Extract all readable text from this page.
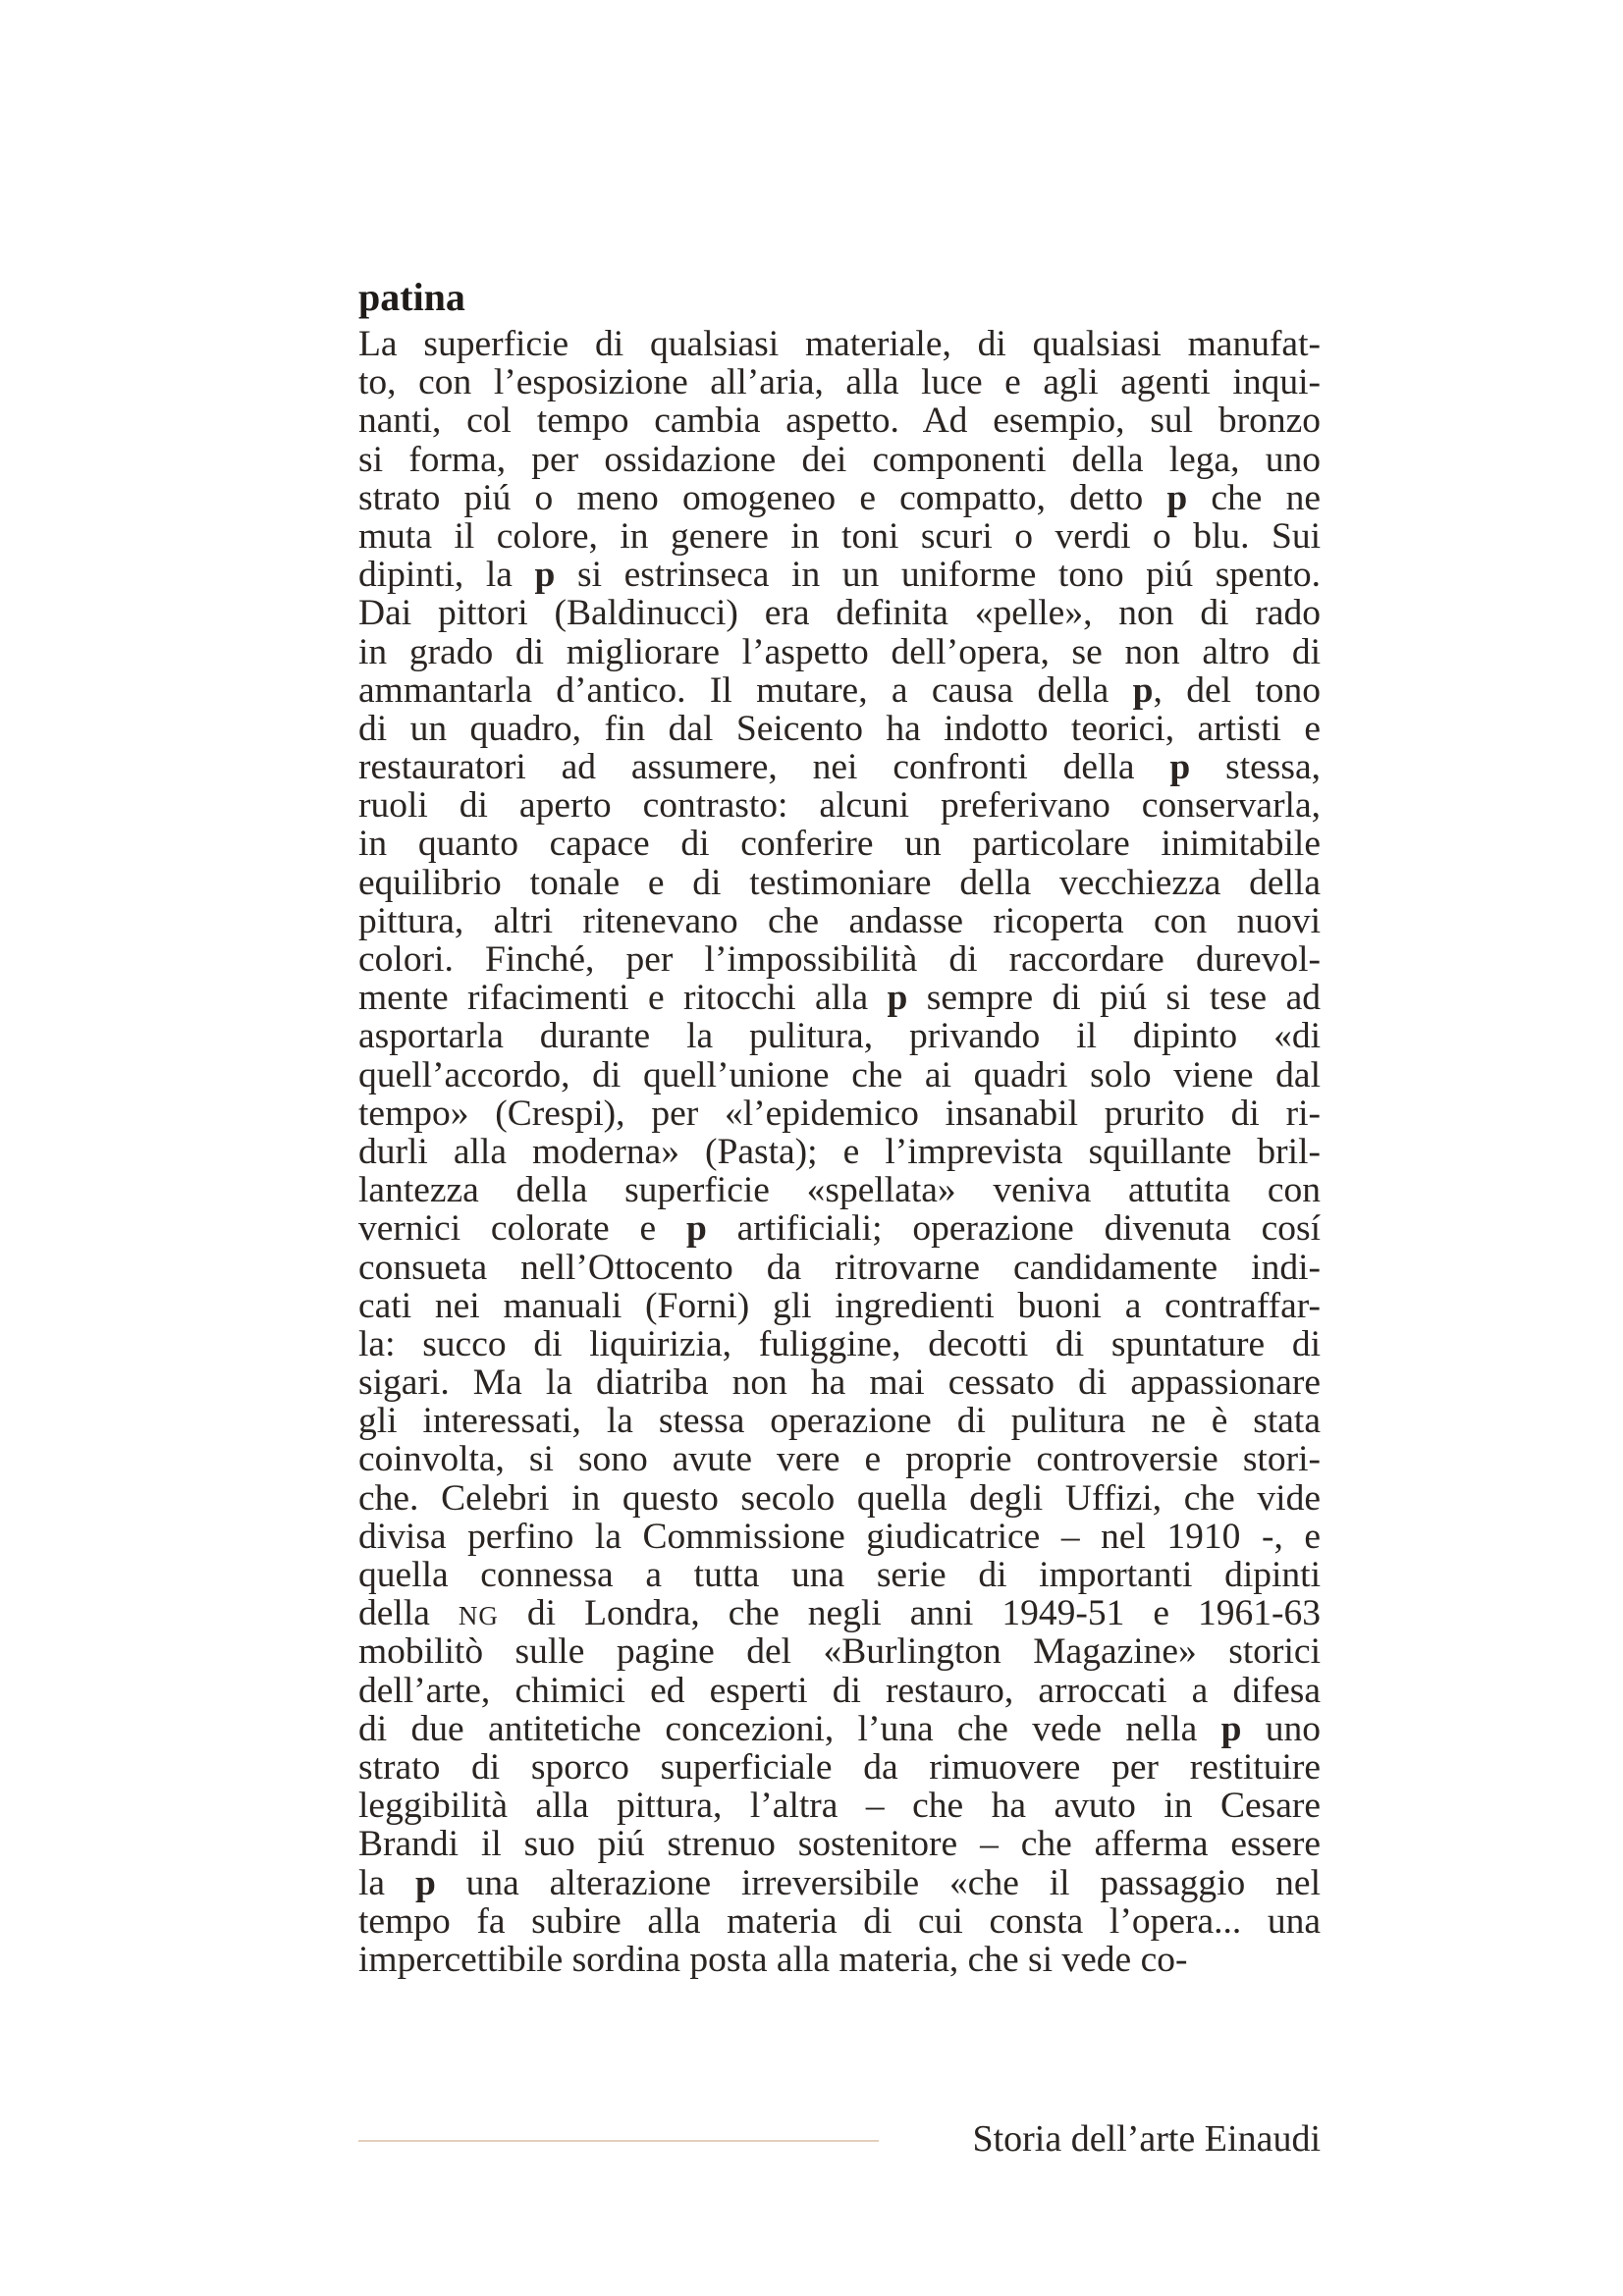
patina
La superficie di qualsiasi materiale, di qualsiasi manufat-
to, con l’esposizione all’aria, alla luce e agli agenti inqui-
nanti, col tempo cambia aspetto. Ad esempio, sul bronzo
si forma, per ossidazione dei componenti della lega, uno
strato piú o meno omogeneo e compatto, detto p che ne
muta il colore, in genere in toni scuri o verdi o blu. Sui
dipinti, la p si estrinseca in un uniforme tono piú spento.
Dai pittori (Baldinucci) era definita «pelle», non di rado
in grado di migliorare l’aspetto dell’opera, se non altro di
ammantarla d’antico. Il mutare, a causa della p, del tono
di un quadro, fin dal Seicento ha indotto teorici, artisti e
restauratori ad assumere, nei confronti della p stessa,
ruoli di aperto contrasto: alcuni preferivano conservarla,
in quanto capace di conferire un particolare inimitabile
equilibrio tonale e di testimoniare della vecchiezza della
pittura, altri ritenevano che andasse ricoperta con nuovi
colori. Finché, per l’impossibilità di raccordare durevol-
mente rifacimenti e ritocchi alla p sempre di piú si tese ad
asportarla durante la pulitura, privando il dipinto «di
quell’accordo, di quell’unione che ai quadri solo viene dal
tempo» (Crespi), per «l’epidemico insanabil prurito di ri-
durli alla moderna» (Pasta); e l’imprevista squillante bril-
lantezza della superficie «spellata» veniva attutita con
vernici colorate e p artificiali; operazione divenuta cosí
consueta nell’Ottocento da ritrovarne candidamente indi-
cati nei manuali (Forni) gli ingredienti buoni a contraffar-
la: succo di liquirizia, fuliggine, decotti di spuntature di
sigari. Ma la diatriba non ha mai cessato di appassionare
gli interessati, la stessa operazione di pulitura ne è stata
coinvolta, si sono avute vere e proprie controversie stori-
che. Celebri in questo secolo quella degli Uffizi, che vide
divisa perfino la Commissione giudicatrice – nel 1910 -, e
quella connessa a tutta una serie di importanti dipinti
della NG di Londra, che negli anni 1949-51 e 1961-63
mobilitò sulle pagine del «Burlington Magazine» storici
dell’arte, chimici ed esperti di restauro, arroccati a difesa
di due antitetiche concezioni, l’una che vede nella p uno
strato di sporco superficiale da rimuovere per restituire
leggibilità alla pittura, l’altra – che ha avuto in Cesare
Brandi il suo piú strenuo sostenitore – che afferma essere
la p una alterazione irreversibile «che il passaggio nel
tempo fa subire alla materia di cui consta l’opera... una
impercettibile sordina posta alla materia, che si vede co-
Storia dell’arte Einaudi
